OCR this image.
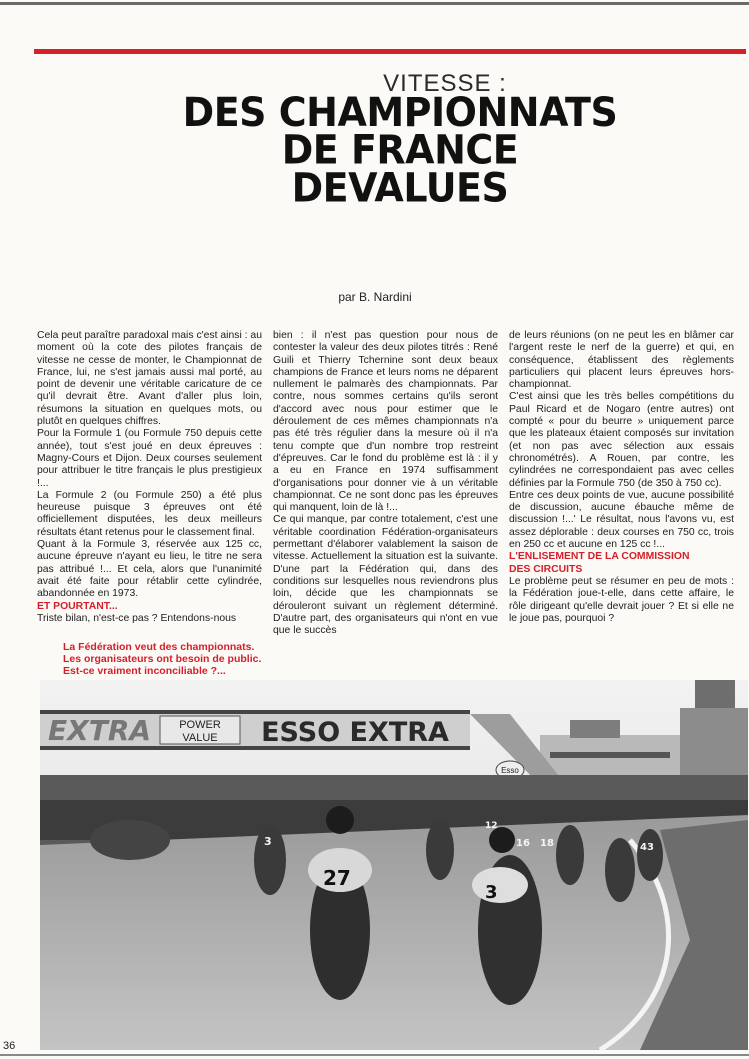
VITESSE :
DES CHAMPIONNATS
DE FRANCE
DEVALUES
par B. Nardini

Cela peut paraître paradoxal mais c'est ainsi : au moment où la cote des pilotes français de vitesse ne cesse de monter, le Championnat de France, lui, ne s'est jamais aussi mal porté, au point de devenir une véritable caricature de ce qu'il devrait être. Avant d'aller plus loin, résumons la situation en quelques mots, ou plutôt en quelques chiffres.

Pour la Formule 1 (ou Formule 750 depuis cette année), tout s'est joué en deux épreuves : Magny-Cours et Dijon. Deux courses seulement pour attribuer le titre français le plus prestigieux !...

La Formule 2 (ou Formule 250) a été plus heureuse puisque 3 épreuves ont été officiellement disputées, les deux meilleurs résultats étant retenus pour le classement final.

Quant à la Formule 3, réservée aux 125 cc, aucune épreuve n'ayant eu lieu, le titre ne sera pas attribué !... Et cela, alors que l'unanimité avait été faite pour rétablir cette cylindrée, abandonnée en 1973.

ET POURTANT...

Triste bilan, n'est-ce pas ? Entendons-nous

bien : il n'est pas question pour nous de contester la valeur des deux pilotes titrés : René Guili et Thierry Tchernine sont deux beaux champions de France et leurs noms ne déparent nullement le palmarès des championnats. Par contre, nous sommes certains qu'ils seront d'accord avec nous pour estimer que le déroulement de ces mêmes championnats n'a pas été très régulier dans la mesure où il n'a tenu compte que d'un nombre trop restreint d'épreuves. Car le fond du problème est là : il y a eu en France en 1974 suffisamment d'organisations pour donner vie à un véritable championnat. Ce ne sont donc pas les épreuves qui manquent, loin de là !...

Ce qui manque, par contre totalement, c'est une véritable coordination Fédération-organisateurs permettant d'élaborer valablement la saison de vitesse. Actuellement la situation est la suivante. D'une part la Fédération qui, dans des conditions sur lesquelles nous reviendrons plus loin, décide que les championnats se dérouleront suivant un règlement déterminé. D'autre part, des organisateurs qui n'ont en vue que le succès

de leurs réunions (on ne peut les en blâmer car l'argent reste le nerf de la guerre) et qui, en conséquence, établissent des règlements particuliers qui placent leurs épreuves hors-championnat.

C'est ainsi que les très belles compétitions du Paul Ricard et de Nogaro (entre autres) ont compté « pour du beurre » uniquement parce que les plateaux étaient composés sur invitation (et non pas avec sélection aux essais chronométrés). A Rouen, par contre, les cylindrées ne correspondaient pas avec celles définies par la Formule 750 (de 350 à 750 cc).

Entre ces deux points de vue, aucune possibilité de discussion, aucune ébauche même de discussion !...' Le résultat, nous l'avons vu, est assez déplorable : deux courses en 750 cc, trois en 250 cc et aucune en 125 cc !...

L'ENLISEMENT DE LA COMMISSION

DES CIRCUITS

Le problème peut se résumer en peu de mots : la Fédération joue-t-elle, dans cette affaire, le rôle dirigeant qu'elle devrait jouer ? Et si elle ne le joue pas, pourquoi ?

La Fédération veut des championnats.
Les organisateurs ont besoin de public.
Est-ce vraiment inconciliable ?...
EXTRA	POWER
VALUE ESSO EXTRA
Esso
27
3
3	16 18	43
12
36
